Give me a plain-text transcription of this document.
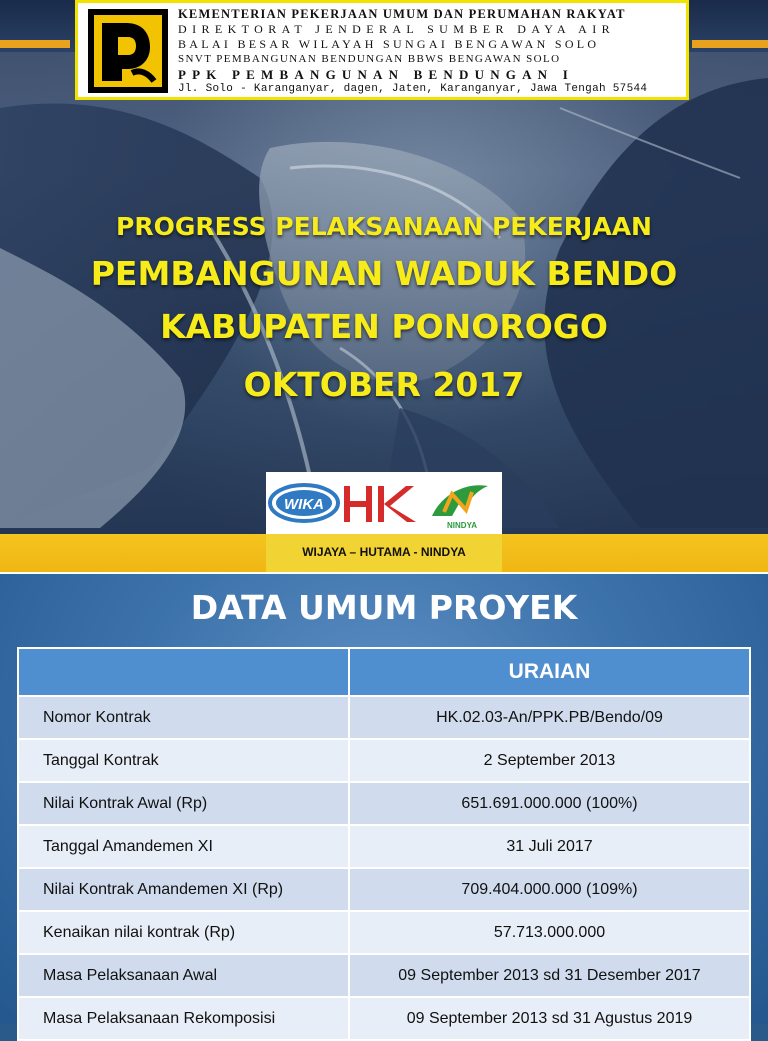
KEMENTERIAN PEKERJAAN UMUM DAN PERUMAHAN RAKYAT
DIREKTORAT JENDERAL SUMBER DAYA AIR
BALAI BESAR WILAYAH SUNGAI BENGAWAN SOLO
SNVT PEMBANGUNAN BENDUNGAN BBWS BENGAWAN SOLO
PPK PEMBANGUNAN BENDUNGAN I
Jl. Solo - Karanganyar, dagen, Jaten, Karanganyar, Jawa Tengah 57544
PROGRESS PELAKSANAAN PEKERJAAN
PEMBANGUNAN WADUK BENDO
KABUPATEN PONOROGO
OKTOBER 2017
WIKA
NINDYA
WIJAYA – HUTAMA - NINDYA
DATA UMUM PROYEK
	URAIAN
Nomor Kontrak	HK.02.03-An/PPK.PB/Bendo/09
Tanggal Kontrak	2 September 2013
Nilai Kontrak Awal (Rp)	651.691.000.000 (100%)
Tanggal Amandemen XI	31 Juli 2017
Nilai Kontrak Amandemen XI (Rp)	709.404.000.000 (109%)
Kenaikan nilai kontrak (Rp)	57.713.000.000
Masa Pelaksanaan Awal	09 September 2013 sd 31 Desember 2017
Masa Pelaksanaan Rekomposisi	09 September 2013 sd 31 Agustus 2019
